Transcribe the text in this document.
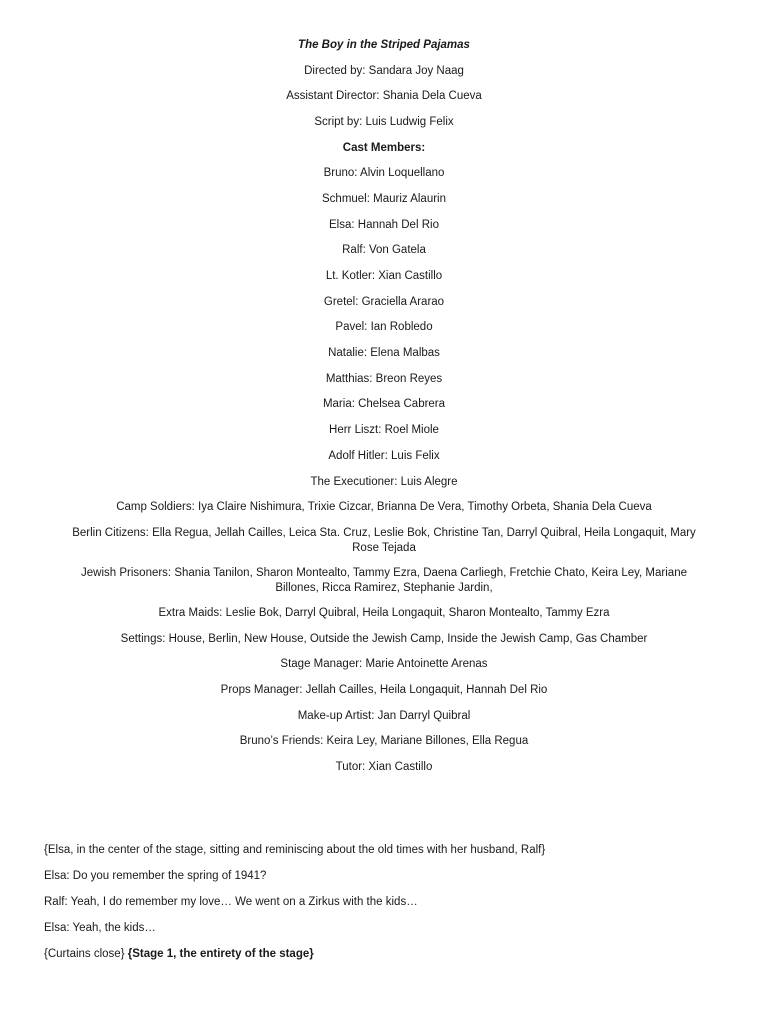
The Boy in the Striped Pajamas
Directed by: Sandara Joy Naag
Assistant Director: Shania Dela Cueva
Script by: Luis Ludwig Felix
Cast Members:
Bruno: Alvin Loquellano
Schmuel: Mauriz Alaurin
Elsa: Hannah Del Rio
Ralf: Von Gatela
Lt. Kotler: Xian Castillo
Gretel: Graciella Ararao
Pavel: Ian Robledo
Natalie: Elena Malbas
Matthias: Breon Reyes
Maria: Chelsea Cabrera
Herr Liszt: Roel Miole
Adolf Hitler: Luis Felix
The Executioner: Luis Alegre
Camp Soldiers: Iya Claire Nishimura, Trixie Cizcar, Brianna De Vera, Timothy Orbeta, Shania Dela Cueva
Berlin Citizens: Ella Regua, Jellah Cailles, Leica Sta. Cruz, Leslie Bok, Christine Tan, Darryl Quibral, Heila Longaquit, Mary
Rose Tejada
Jewish Prisoners: Shania Tanilon, Sharon Montealto, Tammy Ezra, Daena Carliegh, Fretchie Chato, Keira Ley, Mariane
Billones, Ricca Ramirez, Stephanie Jardin,
Extra Maids: Leslie Bok, Darryl Quibral, Heila Longaquit, Sharon Montealto, Tammy Ezra
Settings: House, Berlin, New House, Outside the Jewish Camp, Inside the Jewish Camp, Gas Chamber
Stage Manager: Marie Antoinette Arenas
Props Manager: Jellah Cailles, Heila Longaquit, Hannah Del Rio
Make-up Artist: Jan Darryl Quibral
Bruno’s Friends: Keira Ley, Mariane Billones, Ella Regua
Tutor: Xian Castillo
{Elsa, in the center of the stage, sitting and reminiscing about the old times with her husband, Ralf}
Elsa: Do you remember the spring of 1941?
Ralf: Yeah, I do remember my love… We went on a Zirkus with the kids…
Elsa: Yeah, the kids…
{Curtains close} {Stage 1, the entirety of the stage}
